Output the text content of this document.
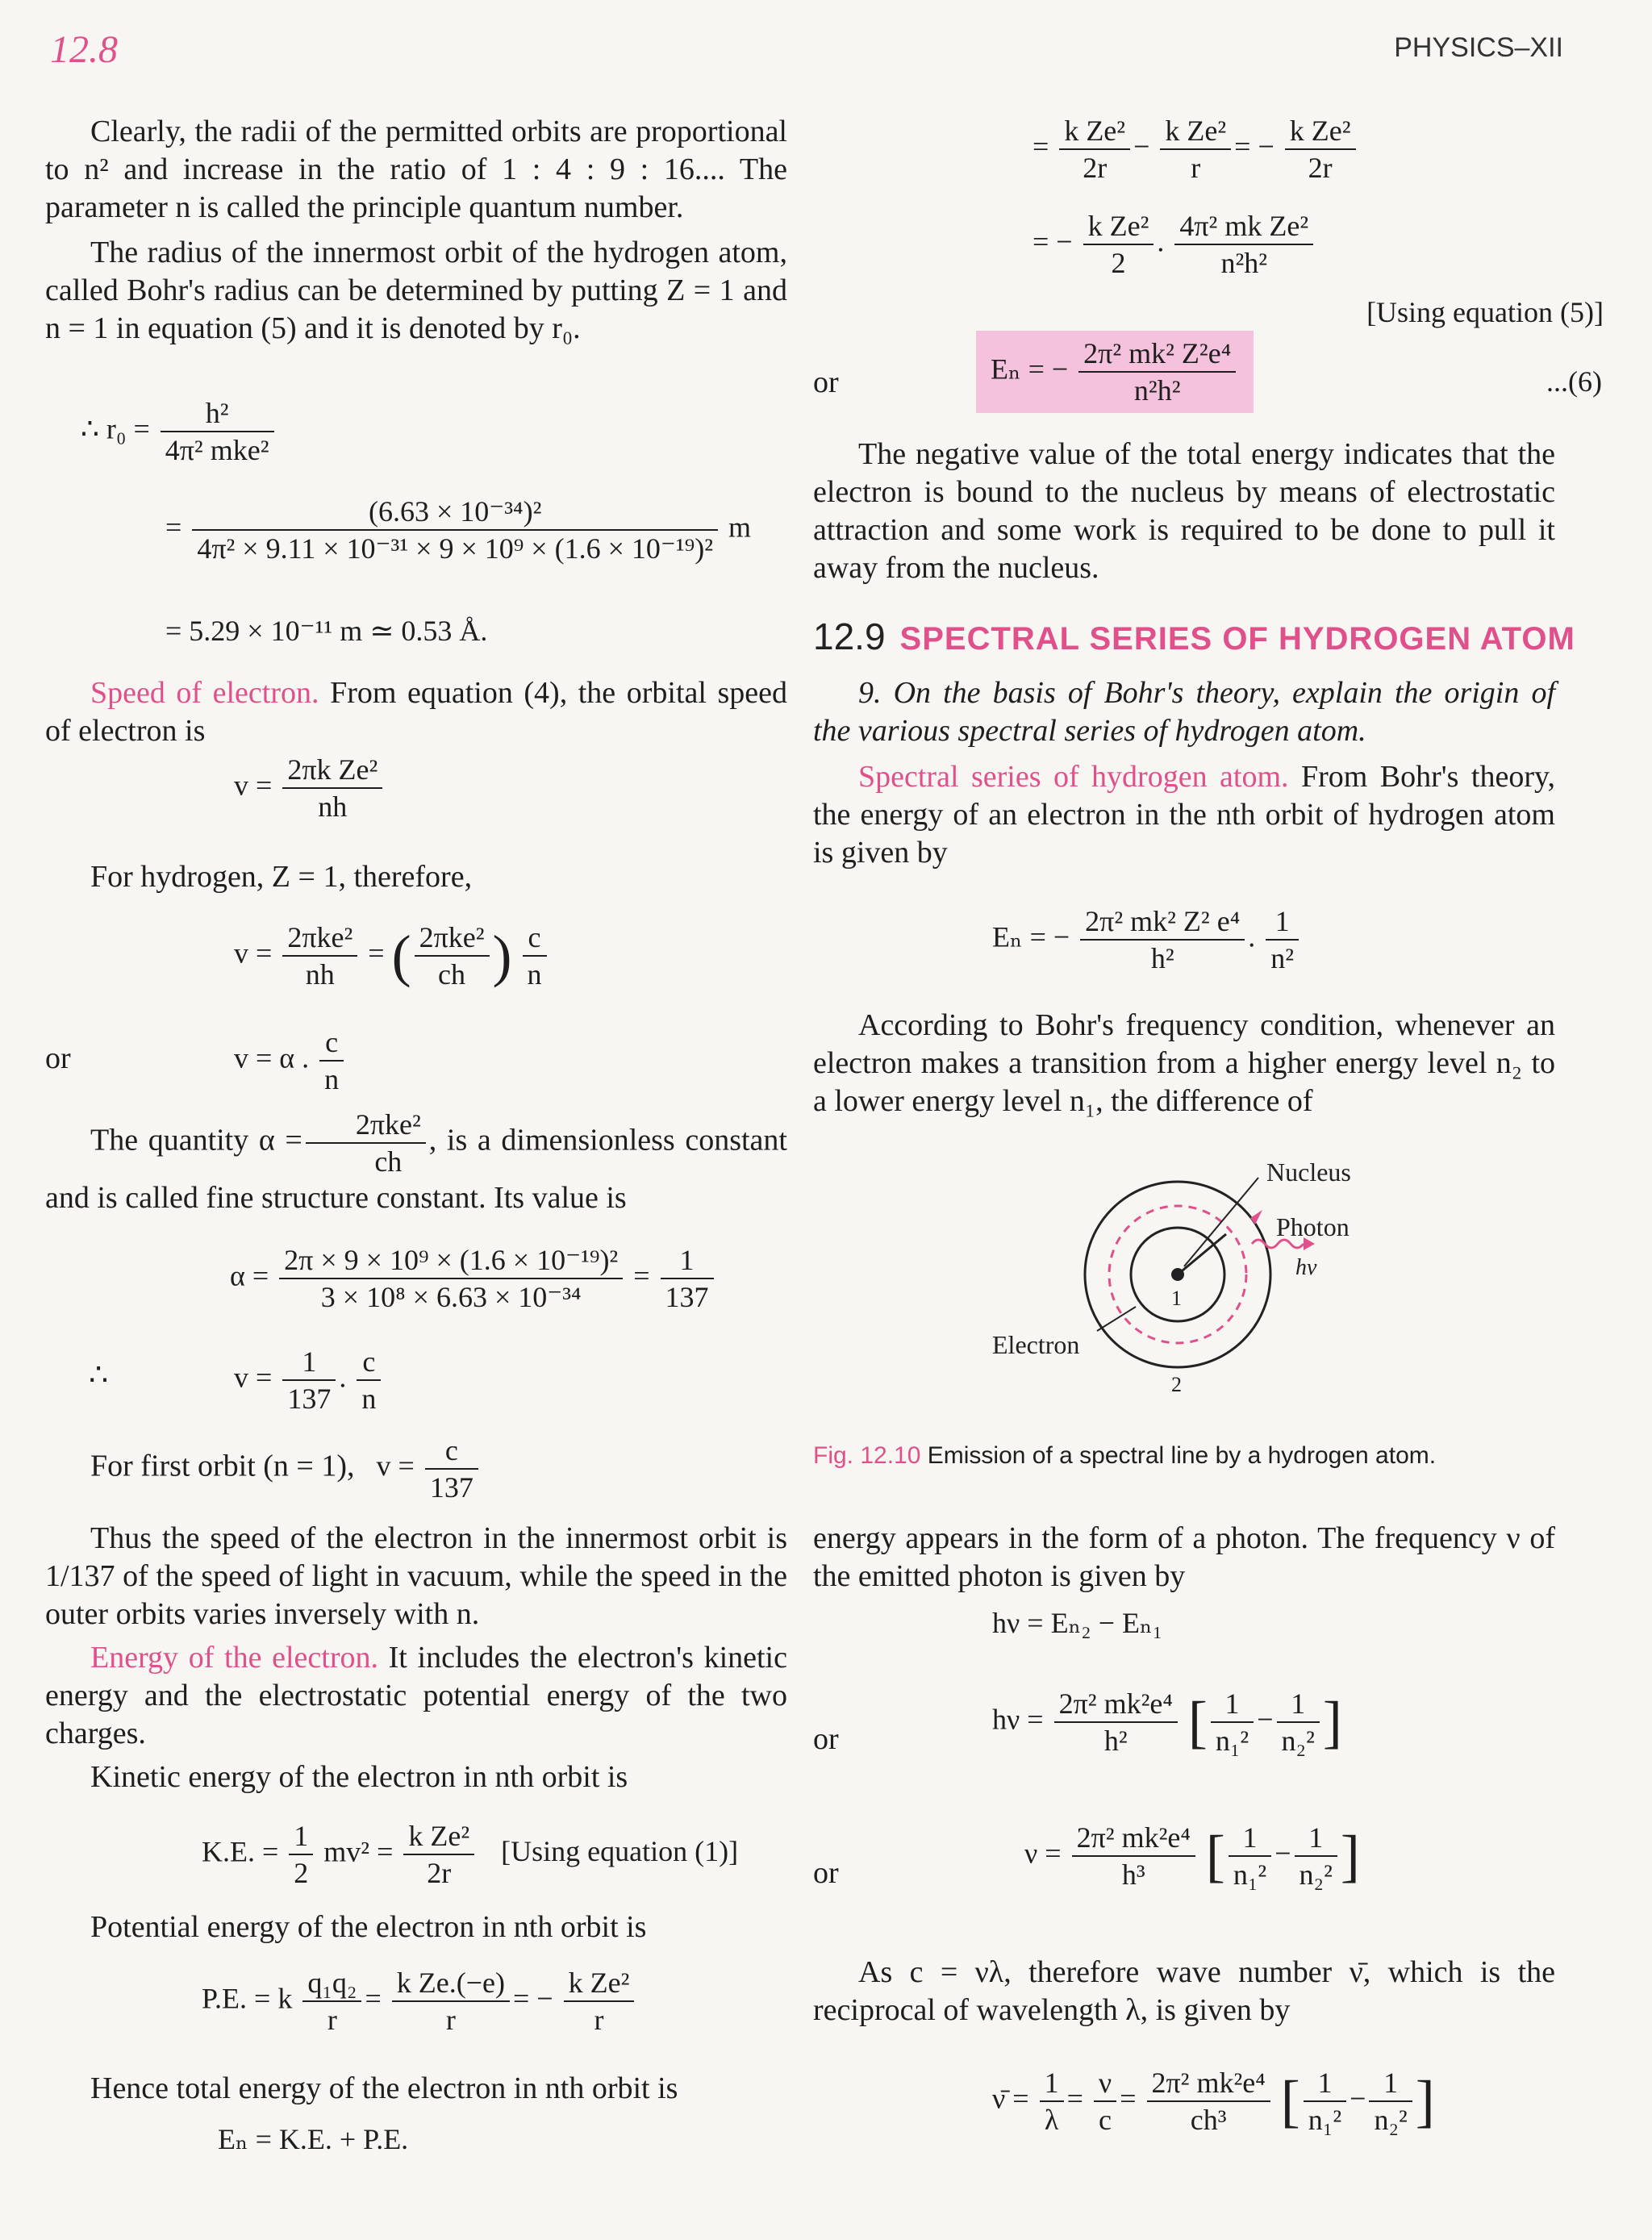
12.8	PHYSICS–XII

Clearly, the radii of the permitted orbits are proportional to n² and increase in the ratio of 1 : 4 : 9 : 16.... The parameter n is called the principle quantum number.

The radius of the innermost orbit of the hydrogen atom, called Bohr's radius can be determined by putting Z = 1 and n = 1 in equation (5) and it is denoted by r₀.

∴ $r_0 = \frac{\text{h²}}{\text{4π² mke²}}$
= $\frac{\text{(6.63 × 10⁻³⁴)²}}{\text{4π² × 9.11 × 10⁻³¹ × 9 × 10⁹ × (1.6 × 10⁻¹⁹)²}}$ m
= 5.29 × 10⁻¹¹ m ≃ 0.53 Å.

Speed of electron. From equation (4), the orbital speed of electron is

$v = \frac{\text{2πk Ze²}}{nh}$

For hydrogen, Z = 1, therefore,

$v = \frac{\text{2πke²}}{nh}$ = ( $\frac{\text{2πke²}}{ch}$ ) $\frac{c}{n}$
or	v = α . $\frac{c}{n}$

The quantity $\alpha = \frac{\text{2πke²}}{ch}$ , is a dimensionless constant and is called fine structure constant. Its value is

$\alpha = \frac{\text{2π × 9 × 10⁹ × (1.6 × 10⁻¹⁹)²}}{\text{3 × 10⁸ × 6.63 × 10⁻³⁴}} = \frac{1}{137}$
∴	$v = \frac{1}{137}$ . $\frac{c}{n}$
For first orbit (n = 1), $v = \frac{c}{137}$

Thus the speed of the electron in the innermost orbit is 1/137 of the speed of light in vacuum, while the speed in the outer orbits varies inversely with n.

Energy of the electron. It includes the electron's kinetic energy and the electrostatic potential energy of the two charges.

Kinetic energy of the electron in nth orbit is

K.E. = $\frac{1}{2} mv^2 = \frac{\text{k Ze²}}{2r} [Using$ equation (1)]

Potential energy of the electron in nth orbit is

P.E. = k $\frac{\text{q₁q₂}}{r} = \frac{\text{k Ze.(−e)}}{r}$ = − $\frac{\text{k Ze²}}{r}$

Hence total energy of the electron in nth orbit is

Eₙ = K.E. + P.E.
= $\frac{\text{k Ze²}}{2r} - \frac{\text{k Ze²}}{r}$ = − $\frac{\text{k Ze²}}{2r}$
= − $\frac{\text{k Ze²}}{2}$ . $\frac{\text{4π² mk Ze²}}{\text{n²h²}}$
[Using equation (5)]
or	Eₙ = − $\frac{\text{2π² mk² Z²e⁴}}{\text{n²h²}}$	...(6)

The negative value of the total energy indicates that the electron is bound to the nucleus by means of electrostatic attraction and some work is required to be done to pull it away from the nucleus.

12.9 SPECTRAL SERIES OF HYDROGEN ATOM

9. On the basis of Bohr's theory, explain the origin of the various spectral series of hydrogen atom.

Spectral series of hydrogen atom. From Bohr's theory, the energy of an electron in the nth orbit of hydrogen atom is given by

Eₙ = − $\frac{\text{2π² mk² Z² e⁴}}{\text{h²}}$ . $\frac{1}{\text{n²}}$

According to Bohr's frequency condition, whenever an electron makes a transition from a higher energy level n₂ to a lower energy level n₁, the difference of

Nucleus
Photon
hv
Electron
1
2
Fig. 12.10 Emission of a spectral line by a hydrogen atom.

energy appears in the form of a photon. The frequency ν of the emitted photon is given by

hν = Eₙ₂ − Eₙ₁
or
$h\nu = \frac{\text{2π² mk²e⁴}}{\text{h²}}$ [ $\frac{1}{\text{n₁²}} - \frac{1}{\text{n₂²}}$ ]
or
$\nu = \frac{\text{2π² mk²e⁴}}{\text{h³}}$ [ $\frac{1}{\text{n₁²}} - \frac{1}{\text{n₂²}}$ ]

As c = νλ, therefore wave number ν̄, which is the reciprocal of wavelength λ, is given by

ν̄ = $\frac{1}{\lambda} = \frac{\nu}{c} = \frac{\text{2π² mk²e⁴}}{\text{ch³}}$ [ $\frac{1}{\text{n₁²}} - \frac{1}{\text{n₂²}}$ ]
